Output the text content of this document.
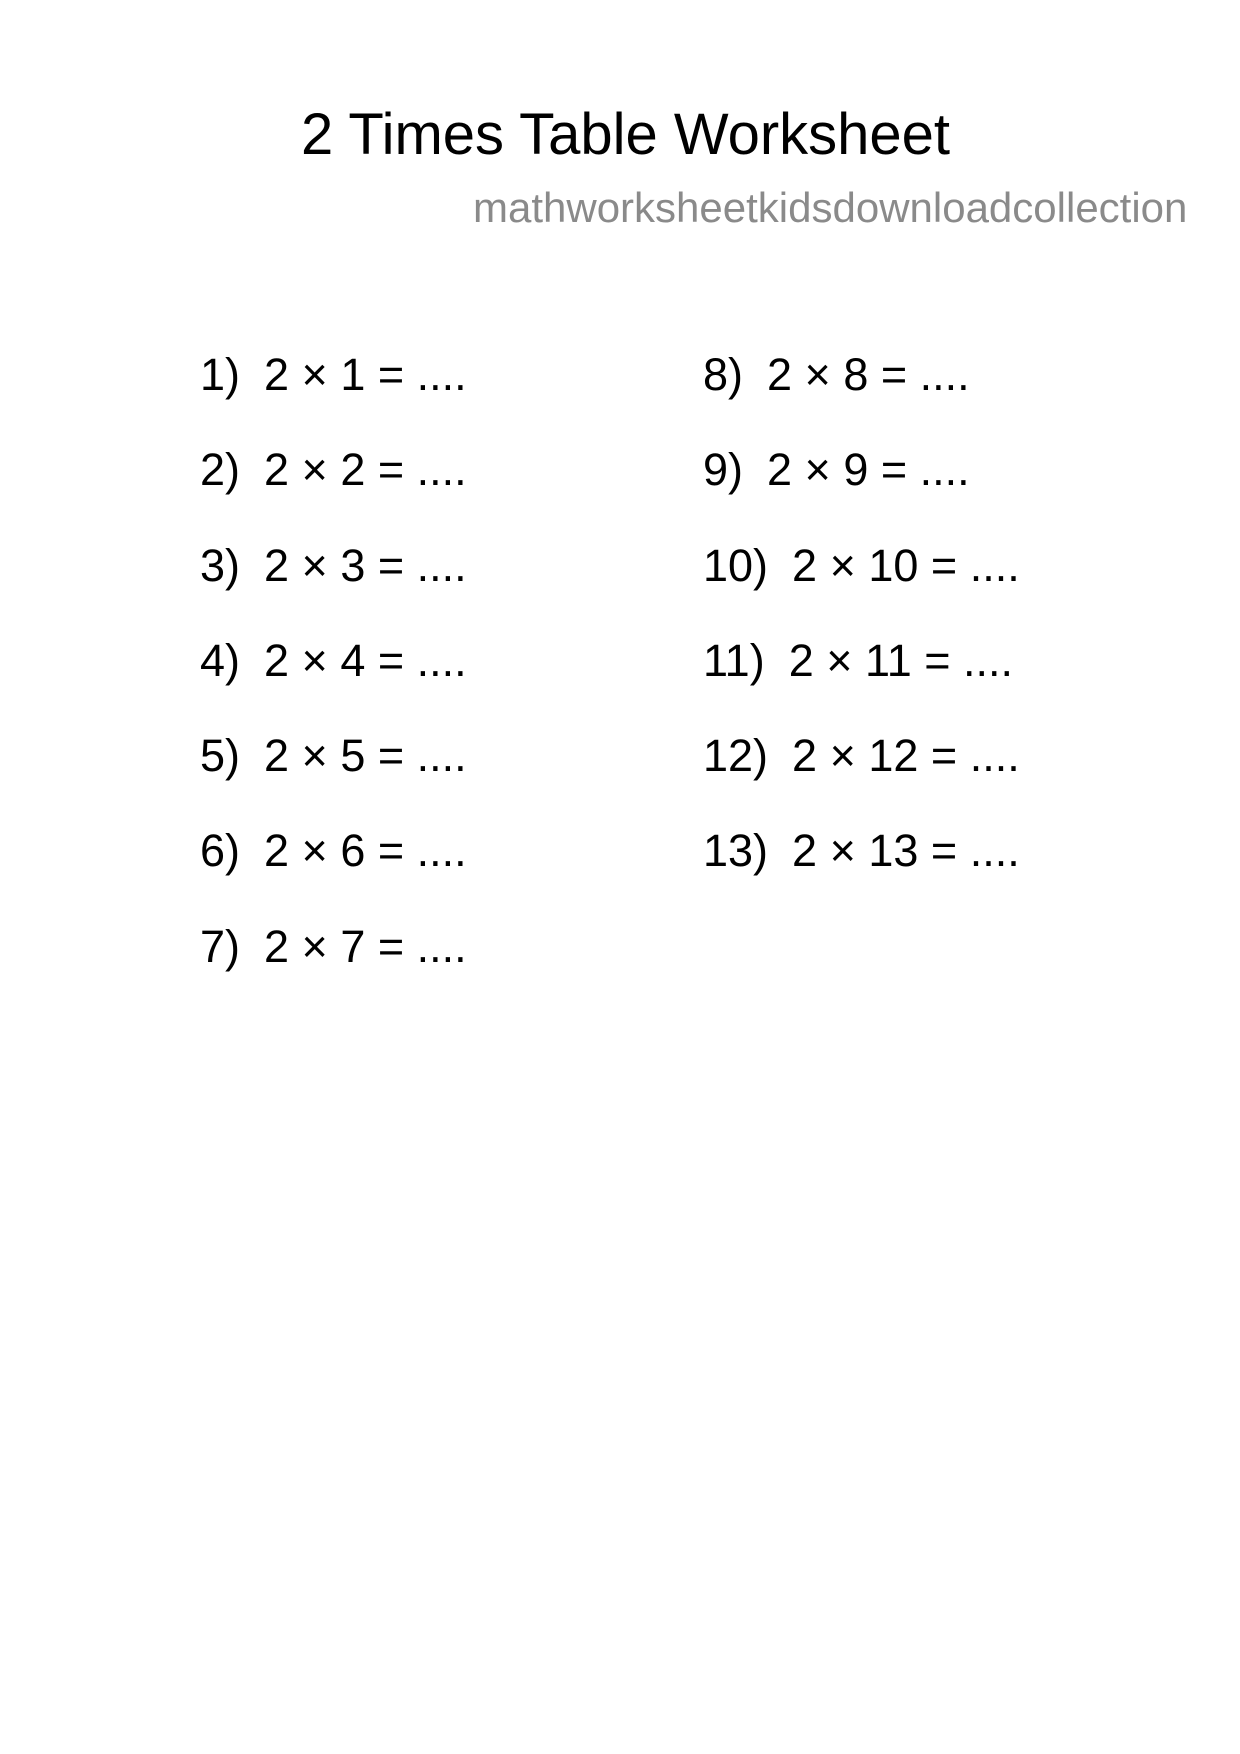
2 Times Table Worksheet
mathworksheetkidsdownloadcollection
1) 2 × 1 = ....
2) 2 × 2 = ....
3) 2 × 3 = ....
4) 2 × 4 = ....
5) 2 × 5 = ....
6) 2 × 6 = ....
7) 2 × 7 = ....
8) 2 × 8 = ....
9) 2 × 9 = ....
10) 2 × 10 = ....
11) 2 × 11 = ....
12) 2 × 12 = ....
13) 2 × 13 = ....
